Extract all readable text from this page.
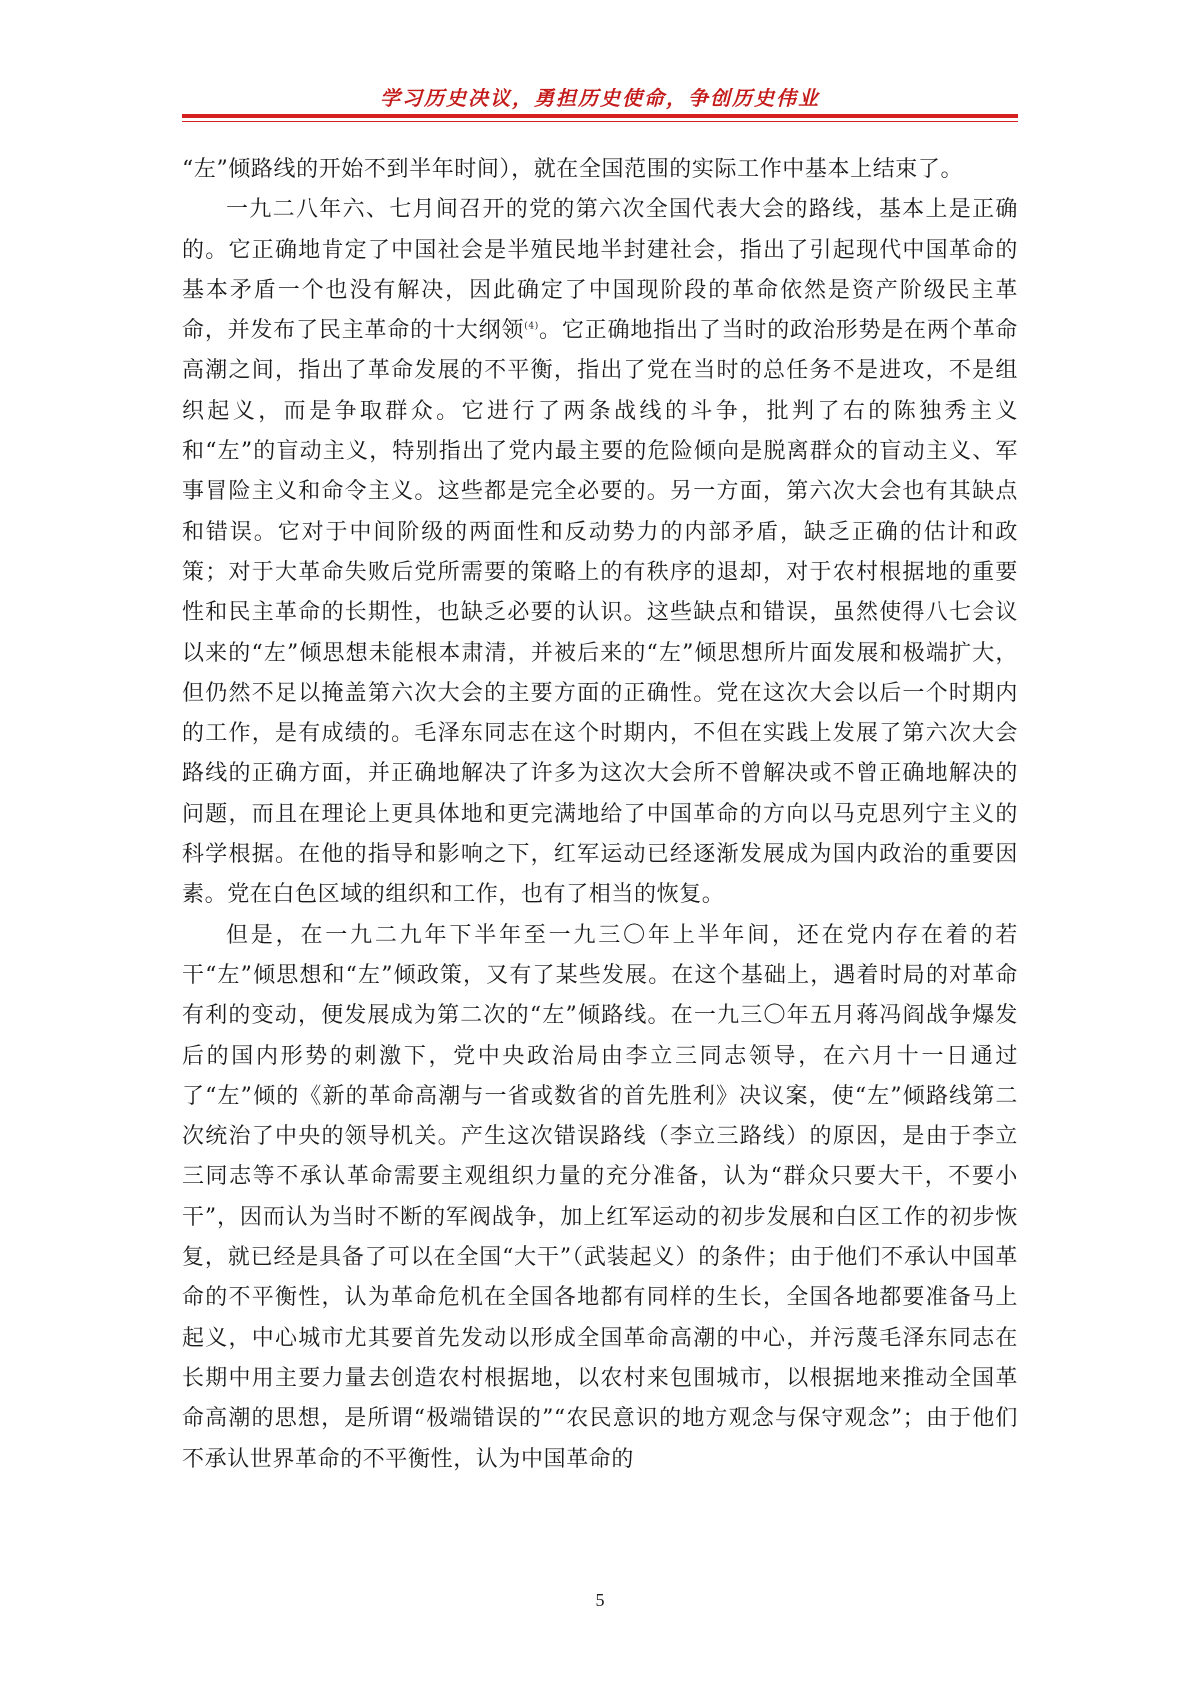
学习历史决议，勇担历史使命，争创历史伟业

“左”倾路线的开始不到半年时间），就在全国范围的实际工作中基本上结束了。

一九二八年六、七月间召开的党的第六次全国代表大会的路线，基本上是正确的。它正确地肯定了中国社会是半殖民地半封建社会，指出了引起现代中国革命的基本矛盾一个也没有解决，因此确定了中国现阶段的革命依然是资产阶级民主革命，并发布了民主革命的十大纲领$^{(4)}$。它正确地指出了当时的政治形势是在两个革命高潮之间，指出了革命发展的不平衡，指出了党在当时的总任务不是进攻，不是组织起义，而是争取群众。它进行了两条战线的斗争，批判了右的陈独秀主义和“左”的盲动主义，特别指出了党内最主要的危险倾向是脱离群众的盲动主义、军事冒险主义和命令主义。这些都是完全必要的。另一方面，第六次大会也有其缺点和错误。它对于中间阶级的两面性和反动势力的内部矛盾，缺乏正确的估计和政策；对于大革命失败后党所需要的策略上的有秩序的退却，对于农村根据地的重要性和民主革命的长期性，也缺乏必要的认识。这些缺点和错误，虽然使得八七会议以来的“左”倾思想未能根本肃清，并被后来的“左”倾思想所片面发展和极端扩大，但仍然不足以掩盖第六次大会的主要方面的正确性。党在这次大会以后一个时期内的工作，是有成绩的。毛泽东同志在这个时期内，不但在实践上发展了第六次大会路线的正确方面，并正确地解决了许多为这次大会所不曾解决或不曾正确地解决的问题，而且在理论上更具体地和更完满地给了中国革命的方向以马克思列宁主义的科学根据。在他的指导和影响之下，红军运动已经逐渐发展成为国内政治的重要因素。党在白色区域的组织和工作，也有了相当的恢复。

但是，在一九二九年下半年至一九三〇年上半年间，还在党内存在着的若干“左”倾思想和“左”倾政策，又有了某些发展。在这个基础上，遇着时局的对革命有利的变动，便发展成为第二次的“左”倾路线。在一九三〇年五月蒋冯阎战争爆发后的国内形势的刺激下，党中央政治局由李立三同志领导，在六月十一日通过了“左”倾的《新的革命高潮与一省或数省的首先胜利》决议案，使“左”倾路线第二次统治了中央的领导机关。产生这次错误路线（李立三路线）的原因，是由于李立三同志等不承认革命需要主观组织力量的充分准备，认为“群众只要大干，不要小干”，因而认为当时不断的军阀战争，加上红军运动的初步发展和白区工作的初步恢复，就已经是具备了可以在全国“大干”（武装起义）的条件；由于他们不承认中国革命的不平衡性，认为革命危机在全国各地都有同样的生长，全国各地都要准备马上起义，中心城市尤其要首先发动以形成全国革命高潮的中心，并污蔑毛泽东同志在长期中用主要力量去创造农村根据地，以农村来包围城市，以根据地来推动全国革命高潮的思想，是所谓“极端错误的”“农民意识的地方观念与保守观念”；由于他们不承认世界革命的不平衡性，认为中国革命的

5
